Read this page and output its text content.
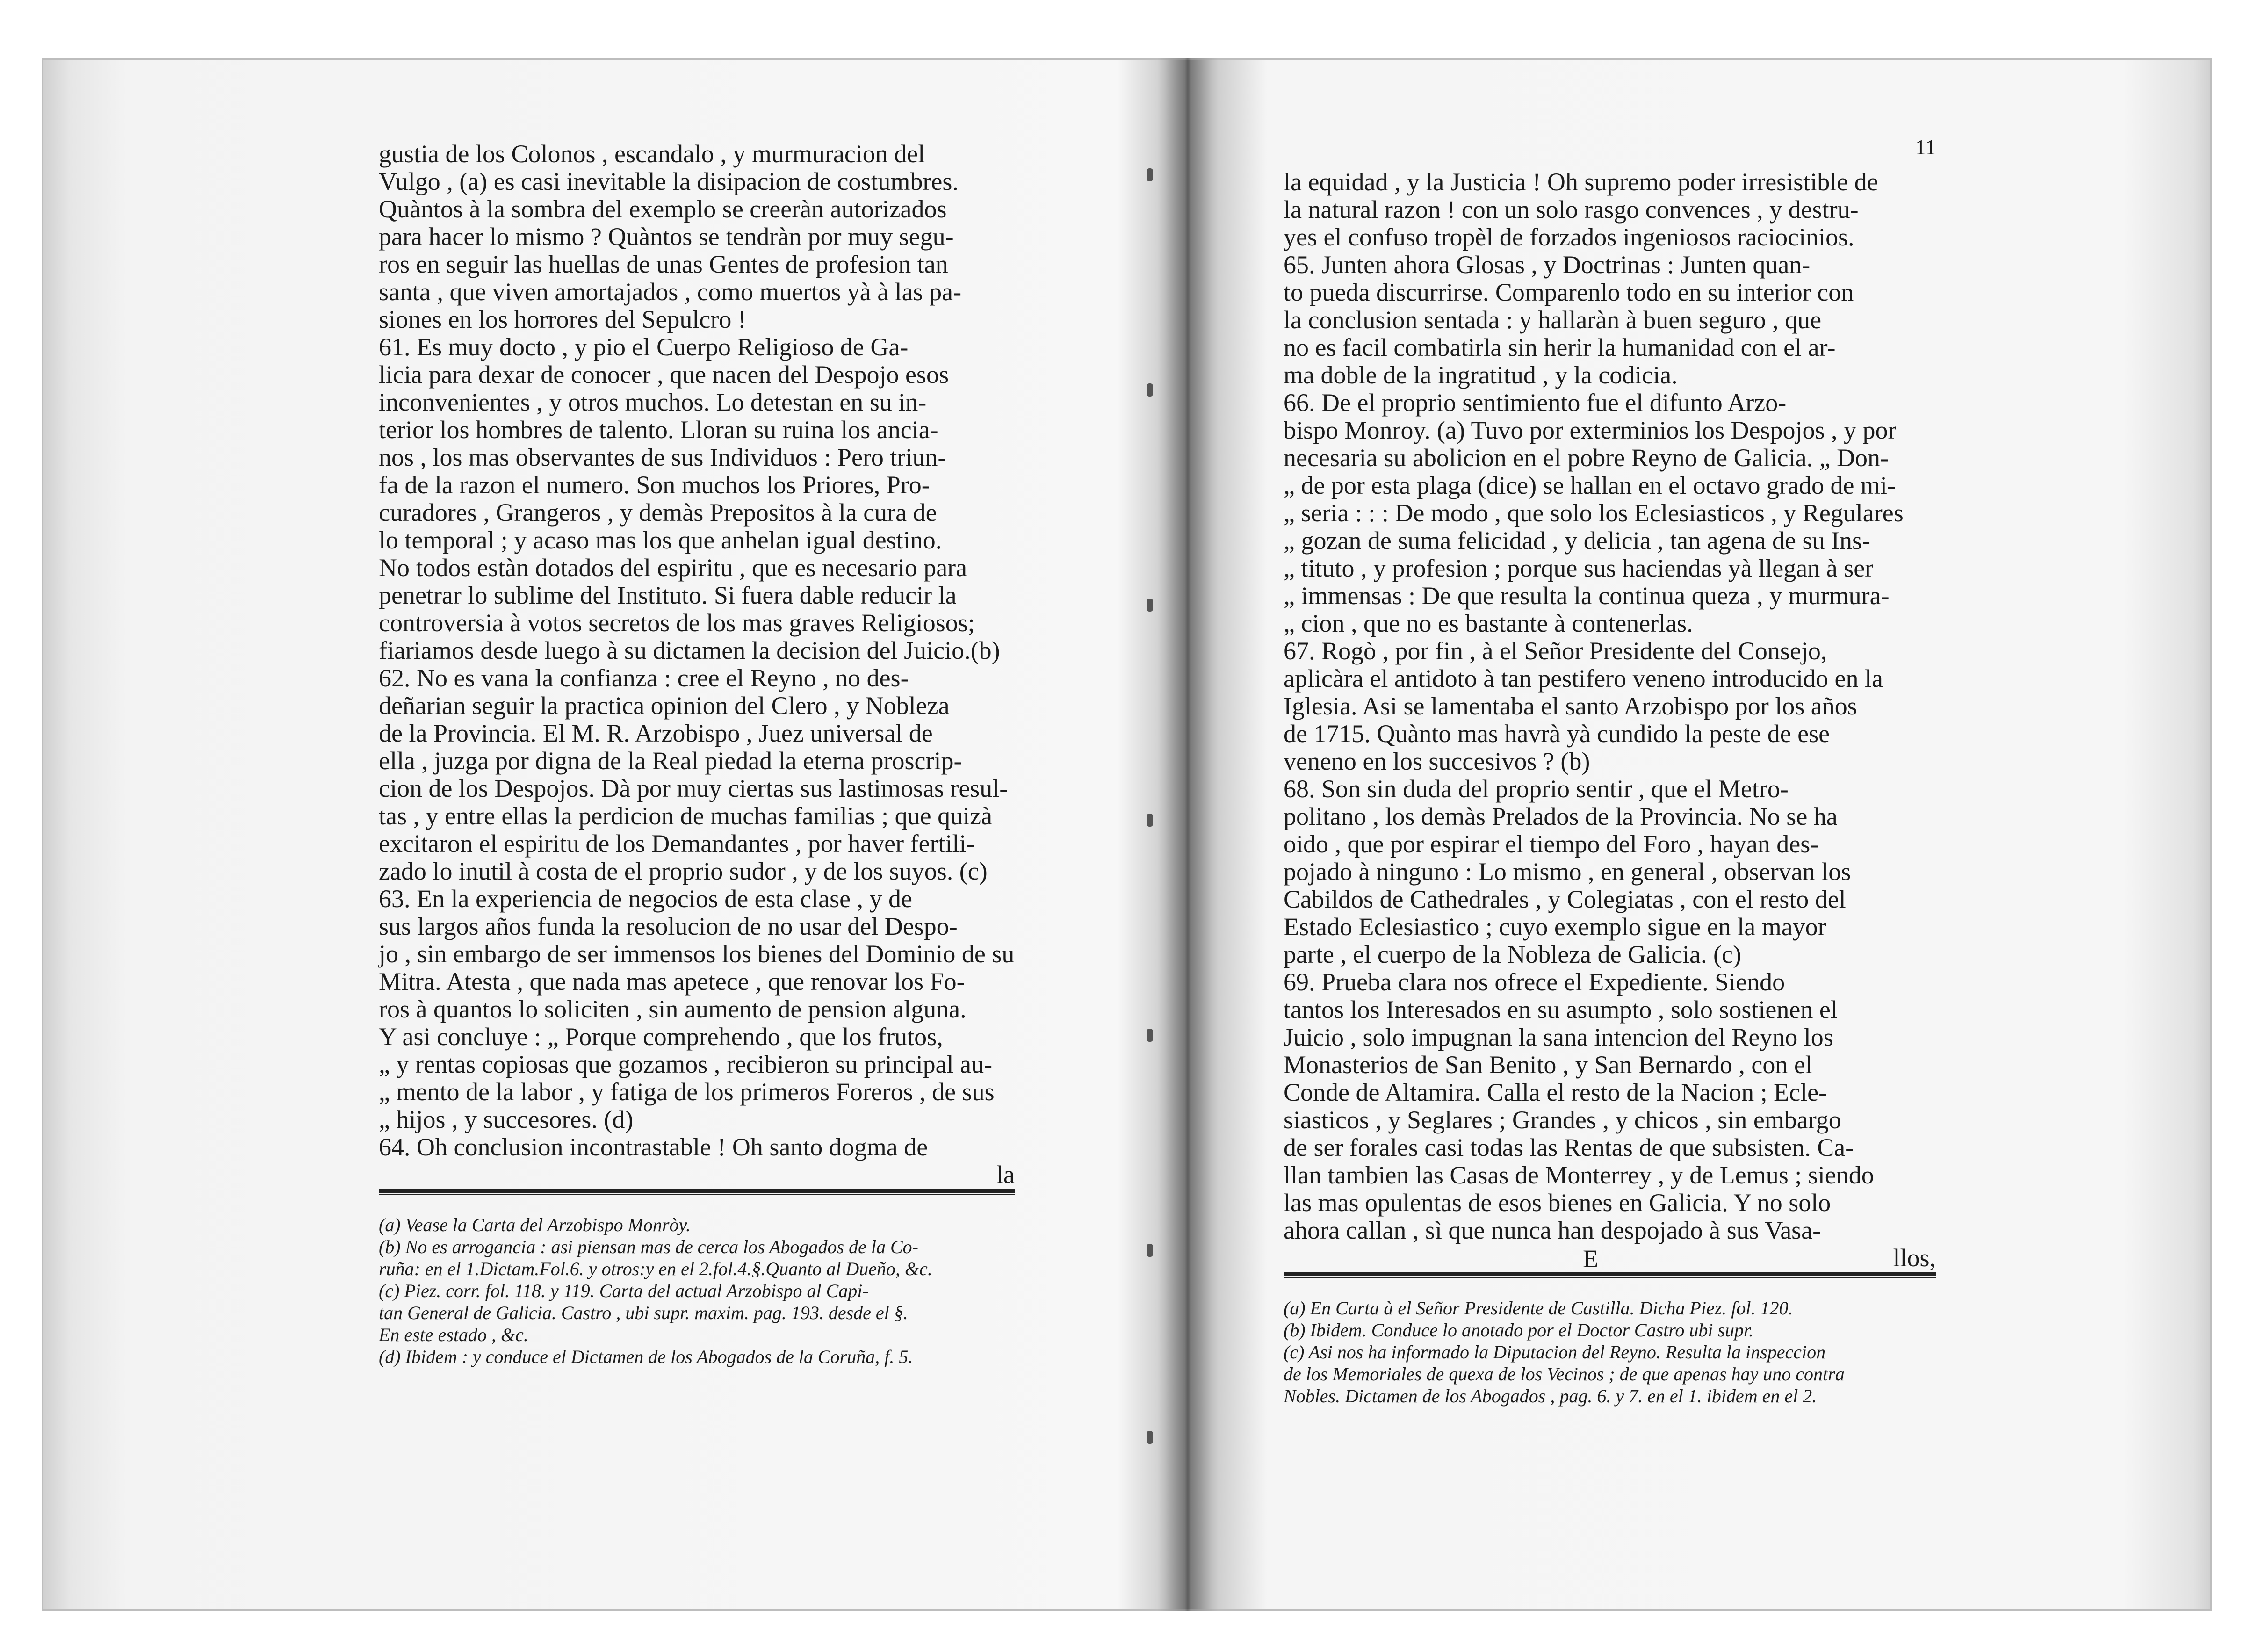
gustia de los Colonos , escandalo , y murmuracion del
Vulgo , (a) es casi inevitable la disipacion de costumbres.
Quàntos à la sombra del exemplo se creeràn autorizados
para hacer lo mismo ? Quàntos se tendràn por muy segu-
ros en seguir las huellas de unas Gentes de profesion tan
santa , que viven amortajados , como muertos yà à las pa-
siones en los horrores del Sepulcro !
61. Es muy docto , y pio el Cuerpo Religioso de Ga-
licia para dexar de conocer , que nacen del Despojo esos
inconvenientes , y otros muchos. Lo detestan en su in-
terior los hombres de talento. Lloran su ruina los ancia-
nos , los mas observantes de sus Individuos : Pero triun-
fa de la razon el numero. Son muchos los Priores, Pro-
curadores , Grangeros , y demàs Prepositos à la cura de
lo temporal ; y acaso mas los que anhelan igual destino.
No todos estàn dotados del espiritu , que es necesario para
penetrar lo sublime del Instituto. Si fuera dable reducir la
controversia à votos secretos de los mas graves Religiosos;
fiariamos desde luego à su dictamen la decision del Juicio.(b)
62. No es vana la confianza : cree el Reyno , no des-
deñarian seguir la practica opinion del Clero , y Nobleza
de la Provincia. El M. R. Arzobispo , Juez universal de
ella , juzga por digna de la Real piedad la eterna proscrip-
cion de los Despojos. Dà por muy ciertas sus lastimosas resul-
tas , y entre ellas la perdicion de muchas familias ; que quizà
excitaron el espiritu de los Demandantes , por haver fertili-
zado lo inutil à costa de el proprio sudor , y de los suyos. (c)
63. En la experiencia de negocios de esta clase , y de
sus largos años funda la resolucion de no usar del Despo-
jo , sin embargo de ser immensos los bienes del Dominio de su
Mitra. Atesta , que nada mas apetece , que renovar los Fo-
ros à quantos lo soliciten , sin aumento de pension alguna.
Y asi concluye : „ Porque comprehendo , que los frutos,
„ y rentas copiosas que gozamos , recibieron su principal au-
„ mento de la labor , y fatiga de los primeros Foreros , de sus
„ hijos , y succesores. (d)
64. Oh conclusion incontrastable ! Oh santo dogma de

la

(a) Vease la Carta del Arzobispo Monròy.

(b) No es arrogancia : asi piensan mas de cerca los Abogados de la Co-
ruña: en el 1.Dictam.Fol.6. y otros:y en el 2.fol.4.§.Quanto al Dueño, &c.

(c) Piez. corr. fol. 118. y 119. Carta del actual Arzobispo al Capi-
tan General de Galicia. Castro , ubi supr. maxim. pag. 193. desde el §.
En este estado , &c.

(d) Ibidem : y conduce el Dictamen de los Abogados de la Coruña, f. 5.

11

la equidad , y la Justicia ! Oh supremo poder irresistible de
la natural razon ! con un solo rasgo convences , y destru-
yes el confuso tropèl de forzados ingeniosos raciocinios.
65. Junten ahora Glosas , y Doctrinas : Junten quan-
to pueda discurrirse. Comparenlo todo en su interior con
la conclusion sentada : y hallaràn à buen seguro , que
no es facil combatirla sin herir la humanidad con el ar-
ma doble de la ingratitud , y la codicia.
66. De el proprio sentimiento fue el difunto Arzo-
bispo Monroy. (a) Tuvo por exterminios los Despojos , y por
necesaria su abolicion en el pobre Reyno de Galicia. „ Don-
„ de por esta plaga (dice) se hallan en el octavo grado de mi-
„ seria : : : De modo , que solo los Eclesiasticos , y Regulares
„ gozan de suma felicidad , y delicia , tan agena de su Ins-
„ tituto , y profesion ; porque sus haciendas yà llegan à ser
„ immensas : De que resulta la continua queza , y murmura-
„ cion , que no es bastante à contenerlas.
67. Rogò , por fin , à el Señor Presidente del Consejo,
aplicàra el antidoto à tan pestifero veneno introducido en la
Iglesia. Asi se lamentaba el santo Arzobispo por los años
de 1715. Quànto mas havrà yà cundido la peste de ese
veneno en los succesivos ? (b)
68. Son sin duda del proprio sentir , que el Metro-
politano , los demàs Prelados de la Provincia. No se ha
oido , que por espirar el tiempo del Foro , hayan des-
pojado à ninguno : Lo mismo , en general , observan los
Cabildos de Cathedrales , y Colegiatas , con el resto del
Estado Eclesiastico ; cuyo exemplo sigue en la mayor
parte , el cuerpo de la Nobleza de Galicia. (c)
69. Prueba clara nos ofrece el Expediente. Siendo
tantos los Interesados en su asumpto , solo sostienen el
Juicio , solo impugnan la sana intencion del Reyno los
Monasterios de San Benito , y San Bernardo , con el
Conde de Altamira. Calla el resto de la Nacion ; Ecle-
siasticos , y Seglares ; Grandes , y chicos , sin embargo
de ser forales casi todas las Rentas de que subsisten. Ca-
llan tambien las Casas de Monterrey , y de Lemus ; siendo
las mas opulentas de esos bienes en Galicia. Y no solo
ahora callan , sì que nunca han despojado à sus Vasa-

E	llos,

(a) En Carta à el Señor Presidente de Castilla. Dicha Piez. fol. 120.

(b) Ibidem. Conduce lo anotado por el Doctor Castro ubi supr.

(c) Asi nos ha informado la Diputacion del Reyno. Resulta la inspeccion
de los Memoriales de quexa de los Vecinos ; de que apenas hay uno contra
Nobles. Dictamen de los Abogados , pag. 6. y 7. en el 1. ibidem en el 2.
